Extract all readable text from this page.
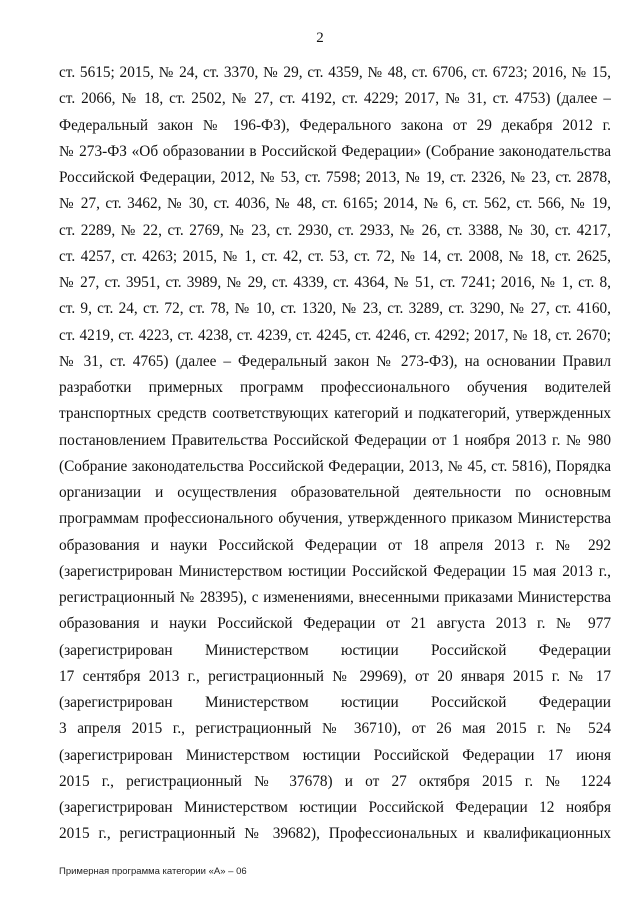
2
ст. 5615; 2015, № 24, ст. 3370, № 29, ст. 4359, № 48, ст. 6706, ст. 6723; 2016, № 15,
ст. 2066, № 18, ст. 2502, № 27, ст. 4192, ст. 4229; 2017, № 31, ст. 4753) (далее –
Федеральный закон № 196-ФЗ), Федерального закона от 29 декабря 2012 г.
№ 273-ФЗ «Об образовании в Российской Федерации» (Собрание законодательства
Российской Федерации, 2012, № 53, ст. 7598; 2013, № 19, ст. 2326, № 23, ст. 2878,
№ 27, ст. 3462, № 30, ст. 4036, № 48, ст. 6165; 2014, № 6, ст. 562, ст. 566, № 19,
ст. 2289, № 22, ст. 2769, № 23, ст. 2930, ст. 2933, № 26, ст. 3388, № 30, ст. 4217,
ст. 4257, ст. 4263; 2015, № 1, ст. 42, ст. 53, ст. 72, № 14, ст. 2008, № 18, ст. 2625,
№ 27, ст. 3951, ст. 3989, № 29, ст. 4339, ст. 4364, № 51, ст. 7241; 2016, № 1, ст. 8,
ст. 9, ст. 24, ст. 72, ст. 78, № 10, ст. 1320, № 23, ст. 3289, ст. 3290, № 27, ст. 4160,
ст. 4219, ст. 4223, ст. 4238, ст. 4239, ст. 4245, ст. 4246, ст. 4292; 2017, № 18, ст. 2670;
№ 31, ст. 4765) (далее – Федеральный закон № 273-ФЗ), на основании Правил
разработки примерных программ профессионального обучения водителей
транспортных средств соответствующих категорий и подкатегорий, утвержденных
постановлением Правительства Российской Федерации от 1 ноября 2013 г. № 980
(Собрание законодательства Российской Федерации, 2013, № 45, ст. 5816), Порядка
организации и осуществления образовательной деятельности по основным
программам профессионального обучения, утвержденного приказом Министерства
образования и науки Российской Федерации от 18 апреля 2013 г. № 292
(зарегистрирован Министерством юстиции Российской Федерации 15 мая 2013 г.,
регистрационный № 28395), с изменениями, внесенными приказами Министерства
образования и науки Российской Федерации от 21 августа 2013 г. № 977
(зарегистрирован Министерством юстиции Российской Федерации
17 сентября 2013 г., регистрационный № 29969), от 20 января 2015 г. № 17
(зарегистрирован Министерством юстиции Российской Федерации
3 апреля 2015 г., регистрационный № 36710), от 26 мая 2015 г. № 524
(зарегистрирован Министерством юстиции Российской Федерации 17 июня
2015 г., регистрационный № 37678) и от 27 октября 2015 г. № 1224
(зарегистрирован Министерством юстиции Российской Федерации 12 ноября
2015 г., регистрационный № 39682), Профессиональных и квалификационных
Примерная программа категории «А» – 06
